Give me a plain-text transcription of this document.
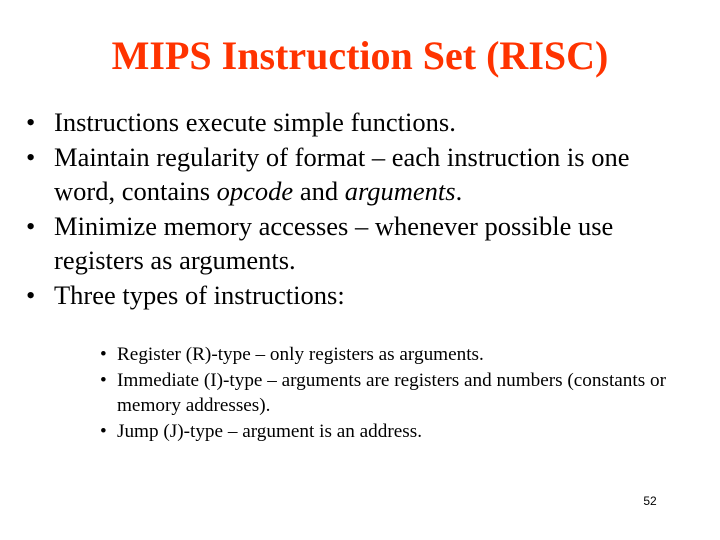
MIPS Instruction Set (RISC)
• Instructions execute simple functions.
• Maintain regularity of format – each instruction is one word, contains opcode and arguments.
• Minimize memory accesses – whenever possible use registers as arguments.
• Three types of instructions:
• Register (R)-type – only registers as arguments.
• Immediate (I)-type – arguments are registers and numbers (constants or memory addresses).
• Jump (J)-type – argument is an address.
52
